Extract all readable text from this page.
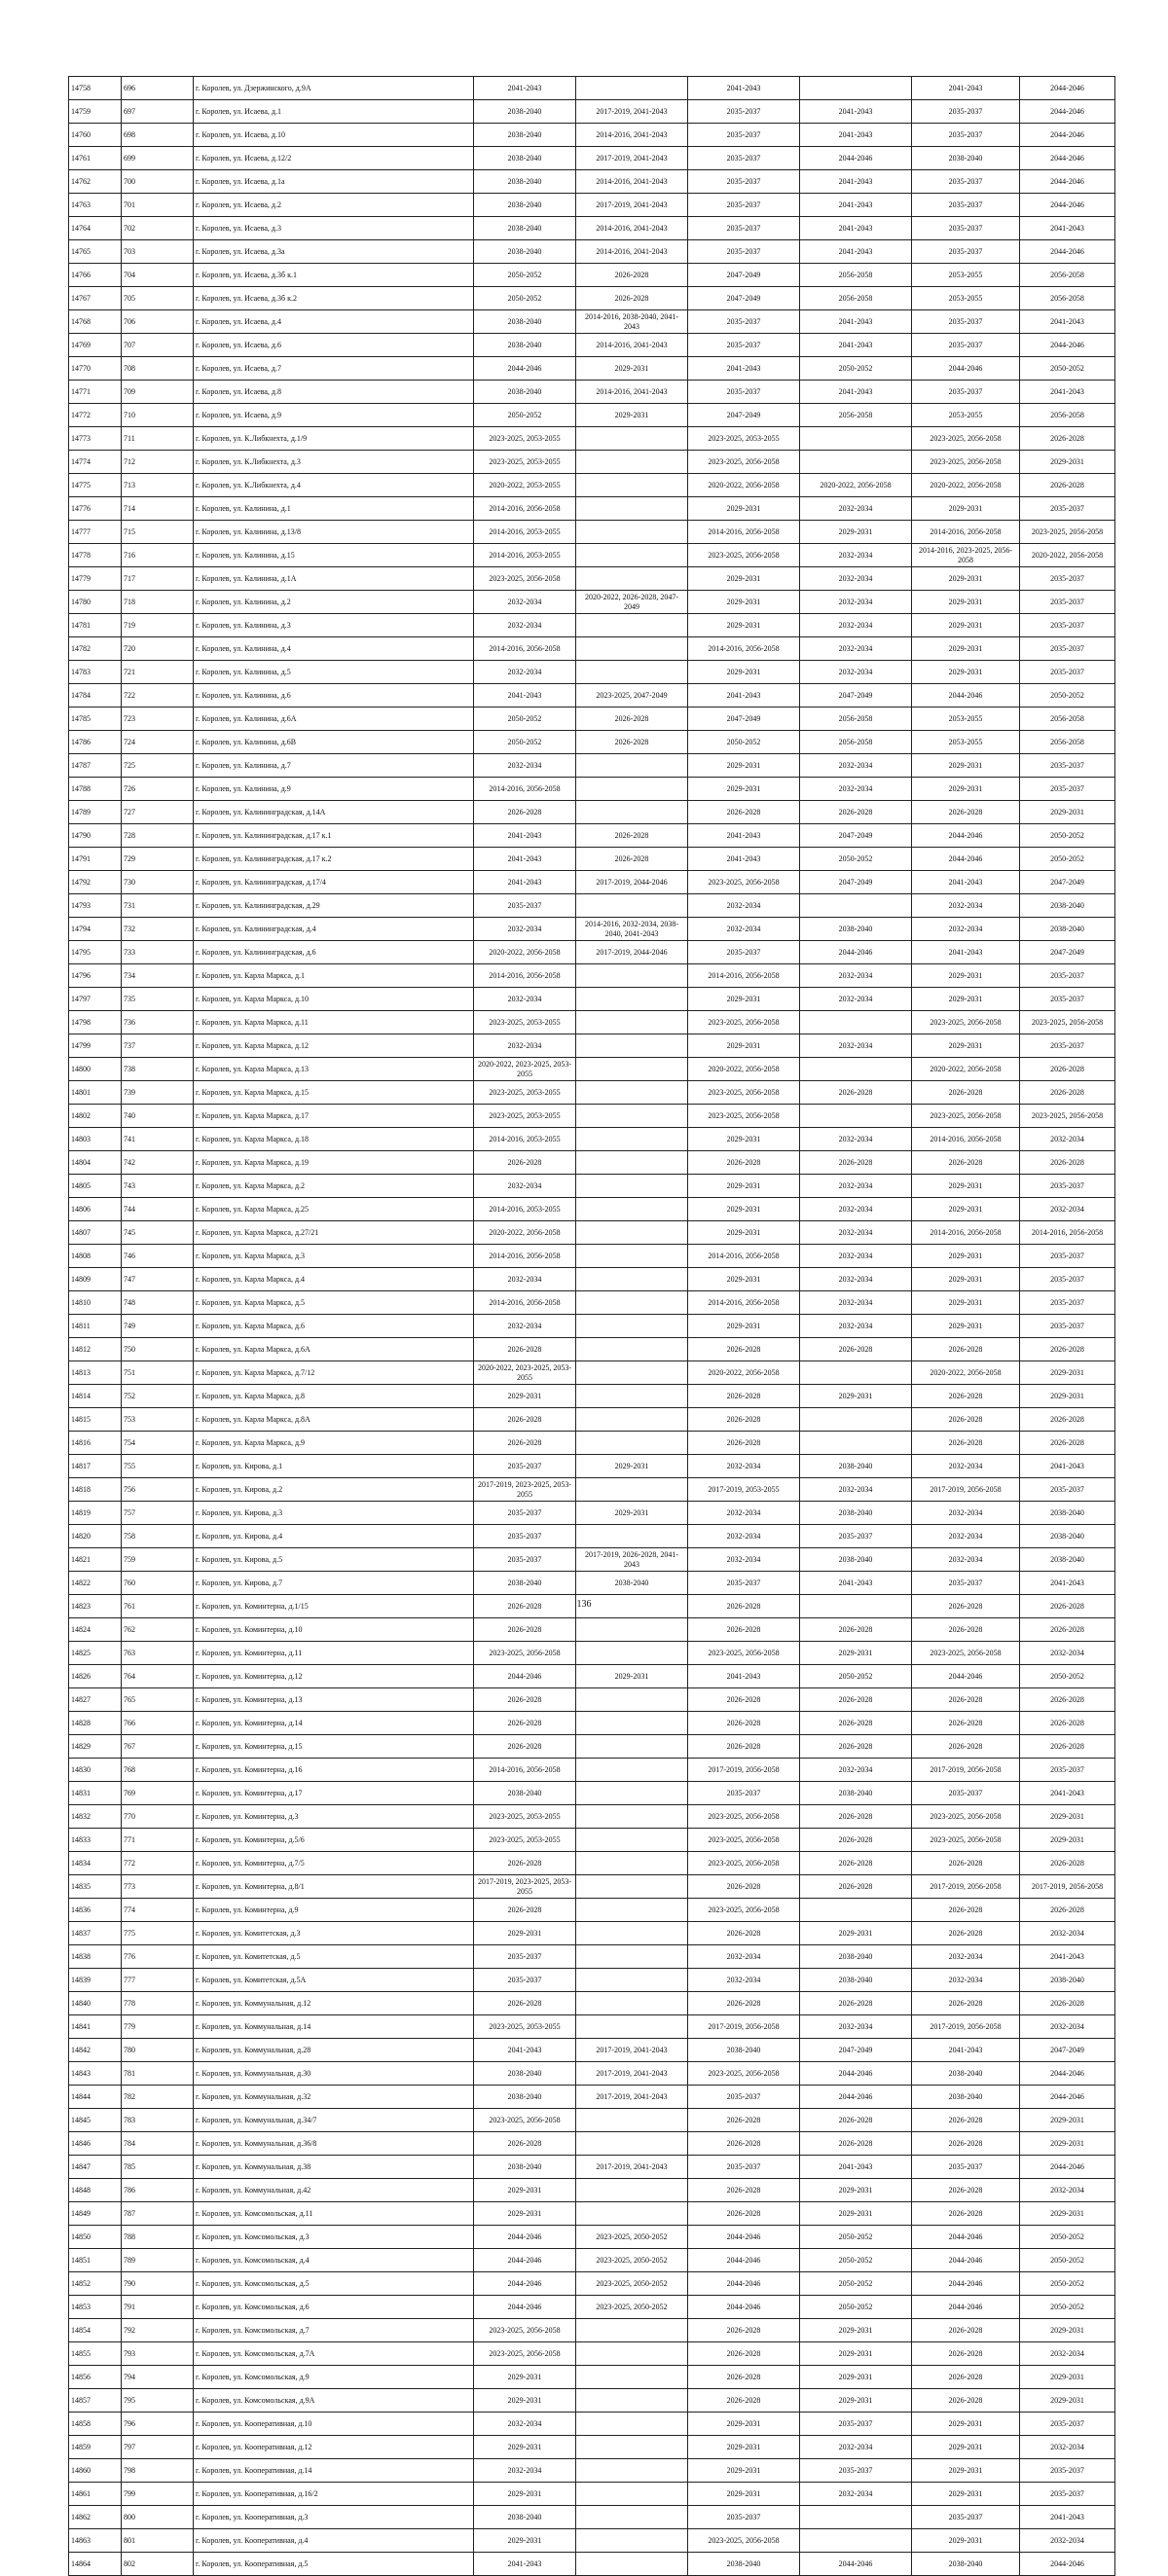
14758	696	г. Королев, ул. Дзержинского, д.9А	2041-2043		2041-2043		2041-2043	2044-2046
14759	697	г. Королев, ул. Исаева, д.1	2038-2040	2017-2019, 2041-2043	2035-2037	2041-2043	2035-2037	2044-2046
14760	698	г. Королев, ул. Исаева, д.10	2038-2040	2014-2016, 2041-2043	2035-2037	2041-2043	2035-2037	2044-2046
14761	699	г. Королев, ул. Исаева, д.12/2	2038-2040	2017-2019, 2041-2043	2035-2037	2044-2046	2038-2040	2044-2046
14762	700	г. Королев, ул. Исаева, д.1а	2038-2040	2014-2016, 2041-2043	2035-2037	2041-2043	2035-2037	2044-2046
14763	701	г. Королев, ул. Исаева, д.2	2038-2040	2017-2019, 2041-2043	2035-2037	2041-2043	2035-2037	2044-2046
14764	702	г. Королев, ул. Исаева, д.3	2038-2040	2014-2016, 2041-2043	2035-2037	2041-2043	2035-2037	2041-2043
14765	703	г. Королев, ул. Исаева, д.3а	2038-2040	2014-2016, 2041-2043	2035-2037	2041-2043	2035-2037	2044-2046
14766	704	г. Королев, ул. Исаева, д.3б к.1	2050-2052	2026-2028	2047-2049	2056-2058	2053-2055	2056-2058
14767	705	г. Королев, ул. Исаева, д.3б к.2	2050-2052	2026-2028	2047-2049	2056-2058	2053-2055	2056-2058
14768	706	г. Королев, ул. Исаева, д.4	2038-2040	2014-2016, 2038-2040, 2041-2043	2035-2037	2041-2043	2035-2037	2041-2043
14769	707	г. Королев, ул. Исаева, д.6	2038-2040	2014-2016, 2041-2043	2035-2037	2041-2043	2035-2037	2044-2046
14770	708	г. Королев, ул. Исаева, д.7	2044-2046	2029-2031	2041-2043	2050-2052	2044-2046	2050-2052
14771	709	г. Королев, ул. Исаева, д.8	2038-2040	2014-2016, 2041-2043	2035-2037	2041-2043	2035-2037	2041-2043
14772	710	г. Королев, ул. Исаева, д.9	2050-2052	2029-2031	2047-2049	2056-2058	2053-2055	2056-2058
14773	711	г. Королев, ул. К.Либкнехта, д.1/9	2023-2025, 2053-2055		2023-2025, 2053-2055		2023-2025, 2056-2058	2026-2028
14774	712	г. Королев, ул. К.Либкнехта, д.3	2023-2025, 2053-2055		2023-2025, 2056-2058		2023-2025, 2056-2058	2029-2031
14775	713	г. Королев, ул. К.Либкнехта, д.4	2020-2022, 2053-2055		2020-2022, 2056-2058	2020-2022, 2056-2058	2020-2022, 2056-2058	2026-2028
14776	714	г. Королев, ул. Калинина, д.1	2014-2016, 2056-2058		2029-2031	2032-2034	2029-2031	2035-2037
14777	715	г. Королев, ул. Калинина, д.13/8	2014-2016, 2053-2055		2014-2016, 2056-2058	2029-2031	2014-2016, 2056-2058	2023-2025, 2056-2058
14778	716	г. Королев, ул. Калинина, д.15	2014-2016, 2053-2055		2023-2025, 2056-2058	2032-2034	2014-2016, 2023-2025, 2056-2058	2020-2022, 2056-2058
14779	717	г. Королев, ул. Калинина, д.1А	2023-2025, 2056-2058		2029-2031	2032-2034	2029-2031	2035-2037
14780	718	г. Королев, ул. Калинина, д.2	2032-2034	2020-2022, 2026-2028, 2047-2049	2029-2031	2032-2034	2029-2031	2035-2037
14781	719	г. Королев, ул. Калинина, д.3	2032-2034		2029-2031	2032-2034	2029-2031	2035-2037
14782	720	г. Королев, ул. Калинина, д.4	2014-2016, 2056-2058		2014-2016, 2056-2058	2032-2034	2029-2031	2035-2037
14783	721	г. Королев, ул. Калинина, д.5	2032-2034		2029-2031	2032-2034	2029-2031	2035-2037
14784	722	г. Королев, ул. Калинина, д.6	2041-2043	2023-2025, 2047-2049	2041-2043	2047-2049	2044-2046	2050-2052
14785	723	г. Королев, ул. Калинина, д.6А	2050-2052	2026-2028	2047-2049	2056-2058	2053-2055	2056-2058
14786	724	г. Королев, ул. Калинина, д.6В	2050-2052	2026-2028	2050-2052	2056-2058	2053-2055	2056-2058
14787	725	г. Королев, ул. Калинина, д.7	2032-2034		2029-2031	2032-2034	2029-2031	2035-2037
14788	726	г. Королев, ул. Калинина, д.9	2014-2016, 2056-2058		2029-2031	2032-2034	2029-2031	2035-2037
14789	727	г. Королев, ул. Калининградская, д.14А	2026-2028		2026-2028	2026-2028	2026-2028	2029-2031
14790	728	г. Королев, ул. Калининградская, д.17 к.1	2041-2043	2026-2028	2041-2043	2047-2049	2044-2046	2050-2052
14791	729	г. Королев, ул. Калининградская, д.17 к.2	2041-2043	2026-2028	2041-2043	2050-2052	2044-2046	2050-2052
14792	730	г. Королев, ул. Калининградская, д.17/4	2041-2043	2017-2019, 2044-2046	2023-2025, 2056-2058	2047-2049	2041-2043	2047-2049
14793	731	г. Королев, ул. Калининградская, д.29	2035-2037		2032-2034		2032-2034	2038-2040
14794	732	г. Королев, ул. Калининградская, д.4	2032-2034	2014-2016, 2032-2034, 2038-2040, 2041-2043	2032-2034	2038-2040	2032-2034	2038-2040
14795	733	г. Королев, ул. Калининградская, д.6	2020-2022, 2056-2058	2017-2019, 2044-2046	2035-2037	2044-2046	2041-2043	2047-2049
14796	734	г. Королев, ул. Карла Маркса, д.1	2014-2016, 2056-2058		2014-2016, 2056-2058	2032-2034	2029-2031	2035-2037
14797	735	г. Королев, ул. Карла Маркса, д.10	2032-2034		2029-2031	2032-2034	2029-2031	2035-2037
14798	736	г. Королев, ул. Карла Маркса, д.11	2023-2025, 2053-2055		2023-2025, 2056-2058		2023-2025, 2056-2058	2023-2025, 2056-2058
14799	737	г. Королев, ул. Карла Маркса, д.12	2032-2034		2029-2031	2032-2034	2029-2031	2035-2037
14800	738	г. Королев, ул. Карла Маркса, д.13	2020-2022, 2023-2025, 2053-2055		2020-2022, 2056-2058		2020-2022, 2056-2058	2026-2028
14801	739	г. Королев, ул. Карла Маркса, д.15	2023-2025, 2053-2055		2023-2025, 2056-2058	2026-2028	2026-2028	2026-2028
14802	740	г. Королев, ул. Карла Маркса, д.17	2023-2025, 2053-2055		2023-2025, 2056-2058		2023-2025, 2056-2058	2023-2025, 2056-2058
14803	741	г. Королев, ул. Карла Маркса, д.18	2014-2016, 2053-2055		2029-2031	2032-2034	2014-2016, 2056-2058	2032-2034
14804	742	г. Королев, ул. Карла Маркса, д.19	2026-2028		2026-2028	2026-2028	2026-2028	2026-2028
14805	743	г. Королев, ул. Карла Маркса, д.2	2032-2034		2029-2031	2032-2034	2029-2031	2035-2037
14806	744	г. Королев, ул. Карла Маркса, д.25	2014-2016, 2053-2055		2029-2031	2032-2034	2029-2031	2032-2034
14807	745	г. Королев, ул. Карла Маркса, д.27/21	2020-2022, 2056-2058		2029-2031	2032-2034	2014-2016, 2056-2058	2014-2016, 2056-2058
14808	746	г. Королев, ул. Карла Маркса, д.3	2014-2016, 2056-2058		2014-2016, 2056-2058	2032-2034	2029-2031	2035-2037
14809	747	г. Королев, ул. Карла Маркса, д.4	2032-2034		2029-2031	2032-2034	2029-2031	2035-2037
14810	748	г. Королев, ул. Карла Маркса, д.5	2014-2016, 2056-2058		2014-2016, 2056-2058	2032-2034	2029-2031	2035-2037
14811	749	г. Королев, ул. Карла Маркса, д.6	2032-2034		2029-2031	2032-2034	2029-2031	2035-2037
14812	750	г. Королев, ул. Карла Маркса, д.6А	2026-2028		2026-2028	2026-2028	2026-2028	2026-2028
14813	751	г. Королев, ул. Карла Маркса, д.7/12	2020-2022, 2023-2025, 2053-2055		2020-2022, 2056-2058		2020-2022, 2056-2058	2029-2031
14814	752	г. Королев, ул. Карла Маркса, д.8	2029-2031		2026-2028	2029-2031	2026-2028	2029-2031
14815	753	г. Королев, ул. Карла Маркса, д.8А	2026-2028		2026-2028		2026-2028	2026-2028
14816	754	г. Королев, ул. Карла Маркса, д.9	2026-2028		2026-2028		2026-2028	2026-2028
14817	755	г. Королев, ул. Кирова, д.1	2035-2037	2029-2031	2032-2034	2038-2040	2032-2034	2041-2043
14818	756	г. Королев, ул. Кирова, д.2	2017-2019, 2023-2025, 2053-2055		2017-2019, 2053-2055	2032-2034	2017-2019, 2056-2058	2035-2037
14819	757	г. Королев, ул. Кирова, д.3	2035-2037	2029-2031	2032-2034	2038-2040	2032-2034	2038-2040
14820	758	г. Королев, ул. Кирова, д.4	2035-2037		2032-2034	2035-2037	2032-2034	2038-2040
14821	759	г. Королев, ул. Кирова, д.5	2035-2037	2017-2019, 2026-2028, 2041-2043	2032-2034	2038-2040	2032-2034	2038-2040
14822	760	г. Королев, ул. Кирова, д.7	2038-2040	2038-2040	2035-2037	2041-2043	2035-2037	2041-2043
14823	761	г. Королев, ул. Коминтерна, д.1/15	2026-2028		2026-2028		2026-2028	2026-2028
14824	762	г. Королев, ул. Коминтерна, д.10	2026-2028		2026-2028	2026-2028	2026-2028	2026-2028
14825	763	г. Королев, ул. Коминтерна, д.11	2023-2025, 2056-2058		2023-2025, 2056-2058	2029-2031	2023-2025, 2056-2058	2032-2034
14826	764	г. Королев, ул. Коминтерна, д.12	2044-2046	2029-2031	2041-2043	2050-2052	2044-2046	2050-2052
14827	765	г. Королев, ул. Коминтерна, д.13	2026-2028		2026-2028	2026-2028	2026-2028	2026-2028
14828	766	г. Королев, ул. Коминтерна, д.14	2026-2028		2026-2028	2026-2028	2026-2028	2026-2028
14829	767	г. Королев, ул. Коминтерна, д.15	2026-2028		2026-2028	2026-2028	2026-2028	2026-2028
14830	768	г. Королев, ул. Коминтерна, д.16	2014-2016, 2056-2058		2017-2019, 2056-2058	2032-2034	2017-2019, 2056-2058	2035-2037
14831	769	г. Королев, ул. Коминтерна, д.17	2038-2040		2035-2037	2038-2040	2035-2037	2041-2043
14832	770	г. Королев, ул. Коминтерна, д.3	2023-2025, 2053-2055		2023-2025, 2056-2058	2026-2028	2023-2025, 2056-2058	2029-2031
14833	771	г. Королев, ул. Коминтерна, д.5/6	2023-2025, 2053-2055		2023-2025, 2056-2058	2026-2028	2023-2025, 2056-2058	2029-2031
14834	772	г. Королев, ул. Коминтерна, д.7/5	2026-2028		2023-2025, 2056-2058	2026-2028	2026-2028	2026-2028
14835	773	г. Королев, ул. Коминтерна, д.8/1	2017-2019, 2023-2025, 2053-2055		2026-2028	2026-2028	2017-2019, 2056-2058	2017-2019, 2056-2058
14836	774	г. Королев, ул. Коминтерна, д.9	2026-2028		2023-2025, 2056-2058		2026-2028	2026-2028
14837	775	г. Королев, ул. Комитетская, д.3	2029-2031		2026-2028	2029-2031	2026-2028	2032-2034
14838	776	г. Королев, ул. Комитетская, д.5	2035-2037		2032-2034	2038-2040	2032-2034	2041-2043
14839	777	г. Королев, ул. Комитетская, д.5А	2035-2037		2032-2034	2038-2040	2032-2034	2038-2040
14840	778	г. Королев, ул. Коммунальная, д.12	2026-2028		2026-2028	2026-2028	2026-2028	2026-2028
14841	779	г. Королев, ул. Коммунальная, д.14	2023-2025, 2053-2055		2017-2019, 2056-2058	2032-2034	2017-2019, 2056-2058	2032-2034
14842	780	г. Королев, ул. Коммунальная, д.28	2041-2043	2017-2019, 2041-2043	2038-2040	2047-2049	2041-2043	2047-2049
14843	781	г. Королев, ул. Коммунальная, д.30	2038-2040	2017-2019, 2041-2043	2023-2025, 2056-2058	2044-2046	2038-2040	2044-2046
14844	782	г. Королев, ул. Коммунальная, д.32	2038-2040	2017-2019, 2041-2043	2035-2037	2044-2046	2038-2040	2044-2046
14845	783	г. Королев, ул. Коммунальная, д.34/7	2023-2025, 2056-2058		2026-2028	2026-2028	2026-2028	2029-2031
14846	784	г. Королев, ул. Коммунальная, д.36/8	2026-2028		2026-2028	2026-2028	2026-2028	2029-2031
14847	785	г. Королев, ул. Коммунальная, д.38	2038-2040	2017-2019, 2041-2043	2035-2037	2041-2043	2035-2037	2044-2046
14848	786	г. Королев, ул. Коммунальная, д.42	2029-2031		2026-2028	2029-2031	2026-2028	2032-2034
14849	787	г. Королев, ул. Комсомольская, д.11	2029-2031		2026-2028	2029-2031	2026-2028	2029-2031
14850	788	г. Королев, ул. Комсомольская, д.3	2044-2046	2023-2025, 2050-2052	2044-2046	2050-2052	2044-2046	2050-2052
14851	789	г. Королев, ул. Комсомольская, д.4	2044-2046	2023-2025, 2050-2052	2044-2046	2050-2052	2044-2046	2050-2052
14852	790	г. Королев, ул. Комсомольская, д.5	2044-2046	2023-2025, 2050-2052	2044-2046	2050-2052	2044-2046	2050-2052
14853	791	г. Королев, ул. Комсомольская, д.6	2044-2046	2023-2025, 2050-2052	2044-2046	2050-2052	2044-2046	2050-2052
14854	792	г. Королев, ул. Комсомольская, д.7	2023-2025, 2056-2058		2026-2028	2029-2031	2026-2028	2029-2031
14855	793	г. Королев, ул. Комсомольская, д.7А	2023-2025, 2056-2058		2026-2028	2029-2031	2026-2028	2032-2034
14856	794	г. Королев, ул. Комсомольская, д.9	2029-2031		2026-2028	2029-2031	2026-2028	2029-2031
14857	795	г. Королев, ул. Комсомольская, д.9А	2029-2031		2026-2028	2029-2031	2026-2028	2029-2031
14858	796	г. Королев, ул. Кооперативная, д.10	2032-2034		2029-2031	2035-2037	2029-2031	2035-2037
14859	797	г. Королев, ул. Кооперативная, д.12	2029-2031		2029-2031	2032-2034	2029-2031	2032-2034
14860	798	г. Королев, ул. Кооперативная, д.14	2032-2034		2029-2031	2035-2037	2029-2031	2035-2037
14861	799	г. Королев, ул. Кооперативная, д.16/2	2029-2031		2029-2031	2032-2034	2029-2031	2035-2037
14862	800	г. Королев, ул. Кооперативная, д.3	2038-2040		2035-2037		2035-2037	2041-2043
14863	801	г. Королев, ул. Кооперативная, д.4	2029-2031		2023-2025, 2056-2058		2029-2031	2032-2034
14864	802	г. Королев, ул. Кооперативная, д.5	2041-2043		2038-2040	2044-2046	2038-2040	2044-2046
136
